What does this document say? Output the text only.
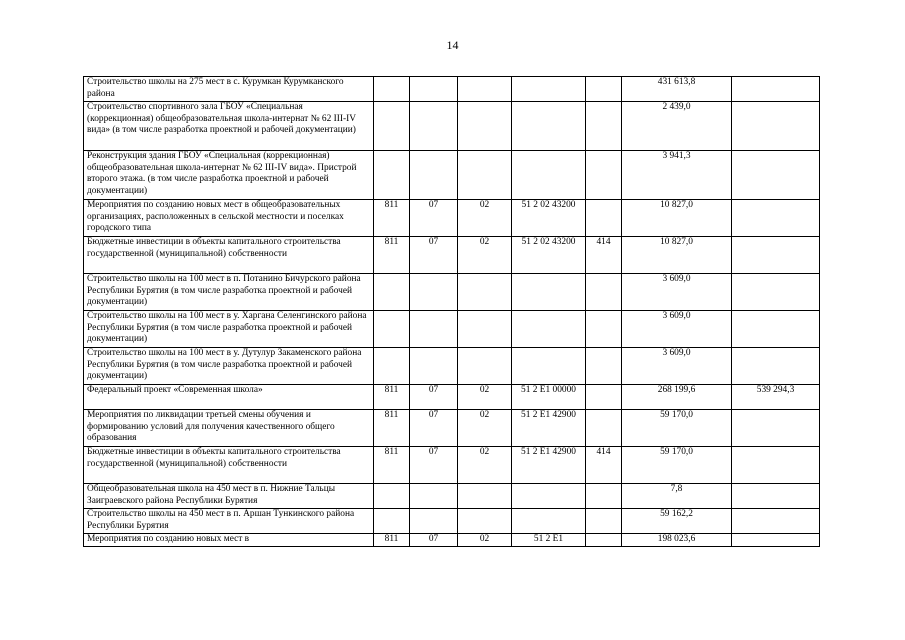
14
Строительство школы на 275 мест в с. Курумкан Курумканского района						431 613,8	
Строительство спортивного зала ГБОУ «Специальная (коррекционная) общеобразовательная школа-интернат № 62 III-IV вида» (в том числе разработка проектной и рабочей документации)						2 439,0	
Реконструкция здания ГБОУ «Специальная (коррекционная) общеобразовательная школа-интернат № 62 III-IV вида». Пристрой второго этажа. (в том числе разработка проектной и рабочей документации)						3 941,3	
Мероприятия по созданию новых мест в общеобразовательных организациях, расположенных в сельской местности и поселках городского типа	811	07	02	51 2 02 43200		10 827,0	
Бюджетные инвестиции в объекты капитального строительства государственной (муниципальной) собственности	811	07	02	51 2 02 43200	414	10 827,0	
Строительство школы на 100 мест в п. Потанино Бичурского района Республики Бурятия (в том числе разработка проектной и рабочей документации)						3 609,0	
Строительство школы на 100 мест в у. Харгана Селенгинского района Республики Бурятия (в том числе разработка проектной и рабочей документации)						3 609,0	
Строительство школы на 100 мест в у. Дутулур Закаменского района Республики Бурятия (в том числе разработка проектной и рабочей документации)						3 609,0	
Федеральный проект «Современная школа»	811	07	02	51 2 E1 00000		268 199,6	539 294,3
Мероприятия по ликвидации третьей смены обучения и формированию условий для получения качественного общего образования	811	07	02	51 2 E1 42900		59 170,0	
Бюджетные инвестиции в объекты капитального строительства государственной (муниципальной) собственности	811	07	02	51 2 E1 42900	414	59 170,0	
Общеобразовательная школа на 450 мест в п. Нижние Тальцы Заиграевского района Республики Бурятия						7,8	
Строительство школы на 450 мест в п. Аршан Тункинского района Республики Бурятия						59 162,2	
Мероприятия по созданию новых мест в	811	07	02	51 2 E1		198 023,6	
